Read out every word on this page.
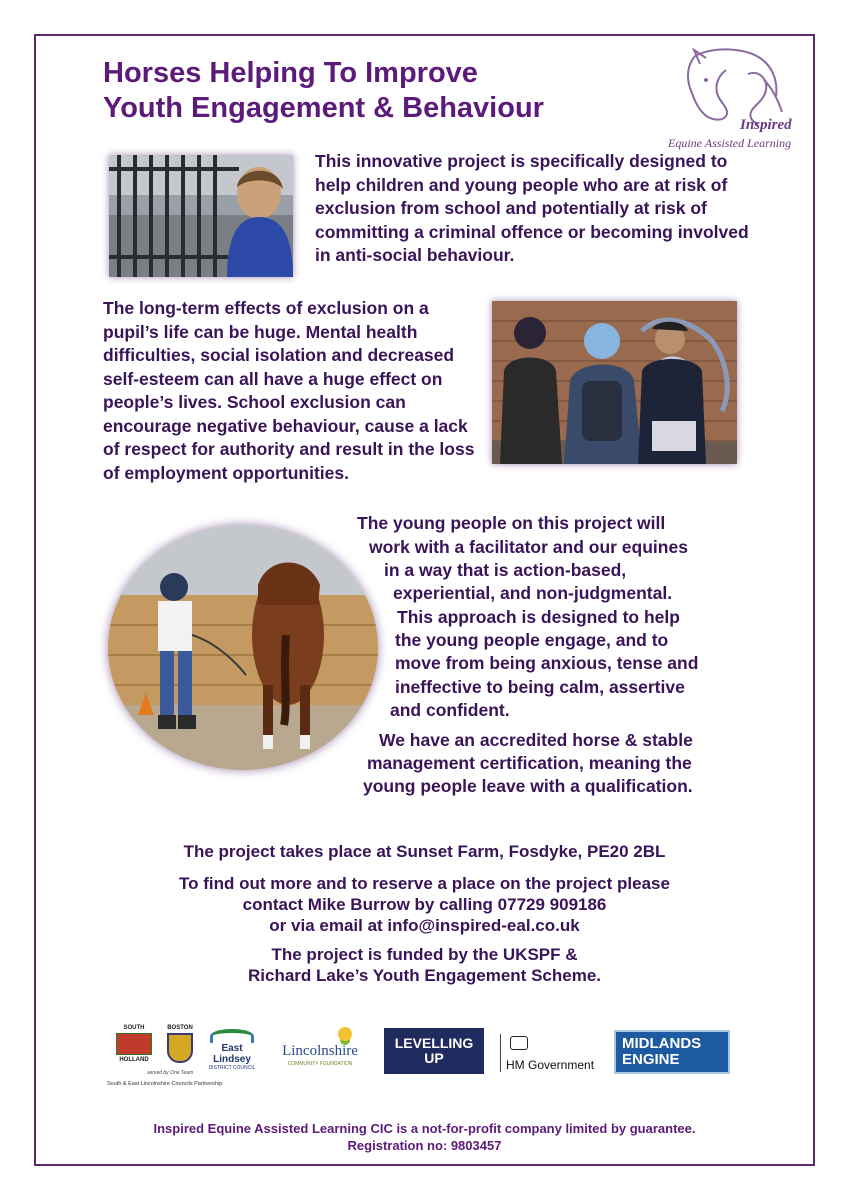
Horses Helping To Improve
Youth Engagement & Behaviour
Inspired
Equine Assisted Learning
This innovative project is specifically designed to help children and young people who are at risk of exclusion from school and potentially at risk of committing a criminal offence or becoming involved in anti-social behaviour.
The long-term effects of exclusion on a pupil’s life can be huge. Mental health difficulties, social isolation and decreased self-esteem can all have a huge effect on people’s lives. School exclusion can encourage negative behaviour, cause a lack of respect for authority and result in the loss of employment opportunities.
The young people on this project will
work with a facilitator and our equines
in a way that is action-based,
experiential, and non-judgmental.
This approach is designed to help
the young people engage, and to
move from being anxious, tense and
ineffective to being calm, assertive
and confident.
We have an accredited horse & stable
management certification, meaning the
young people leave with a qualification.
The project takes place at Sunset Farm, Fosdyke, PE20 2BL
To find out more and to reserve a place on the project please
contact Mike Burrow by calling 07729 909186
or via email at info@inspired-eal.co.uk
The project is funded by the UKSPF &
Richard Lake’s Youth Engagement Scheme.
SOUTH
HOLLAND
BOSTON
East Lindsey
DISTRICT COUNCIL
served by One Team
South & East Lincolnshire Councils Partnership
Lincolnshire
COMMUNITY FOUNDATION
LEVELLING
UP	HM Government
MIDLANDS
ENGINE
Inspired Equine Assisted Learning CIC is a not-for-profit company limited by guarantee.
Registration no: 9803457
